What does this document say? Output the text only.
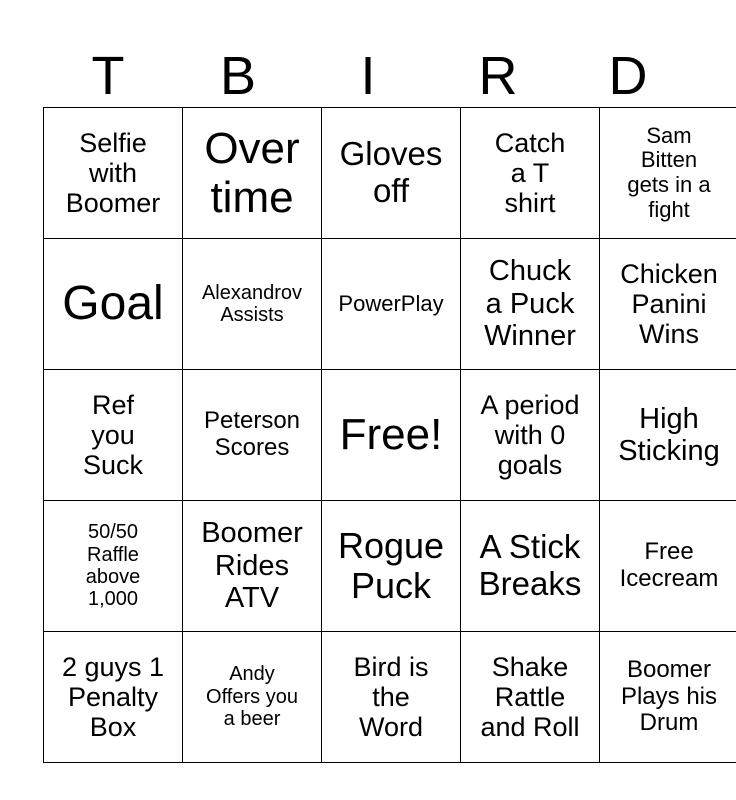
T	B	I	R	D
Selfie
with
Boomer	Over
time	Gloves
off	Catch
a T
shirt	Sam
Bitten
gets in a
fight
Goal	Alexandrov
Assists	PowerPlay	Chuck
a Puck
Winner	Chicken
Panini
Wins
Ref
you
Suck	Peterson
Scores	Free!	A period
with 0
goals	High
Sticking
50/50
Raffle
above
1,000	Boomer
Rides
ATV	Rogue
Puck	A Stick
Breaks	Free
Icecream
2 guys 1
Penalty
Box	Andy
Offers you
a beer	Bird is
the
Word	Shake
Rattle
and Roll	Boomer
Plays his
Drum
